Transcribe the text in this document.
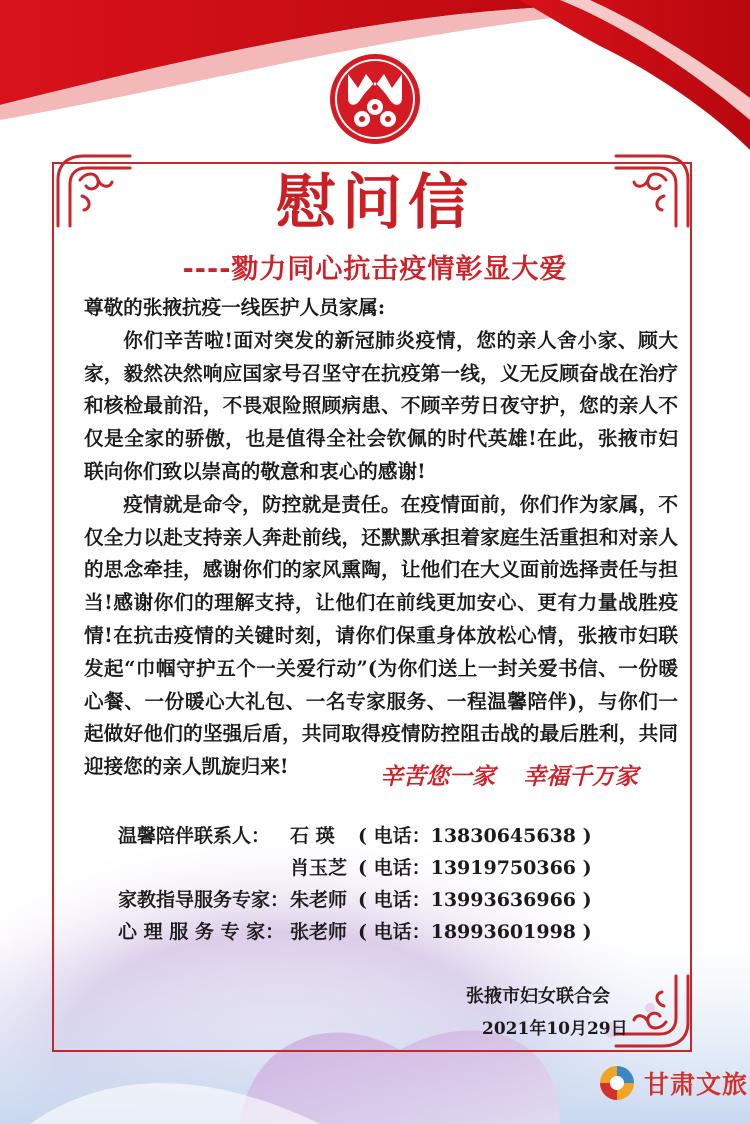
慰问信
----勠力同心抗击疫情彰显大爱

尊敬的张掖抗疫一线医护人员家属:

你们辛苦啦!面对突发的新冠肺炎疫情，您的亲人舍小家、顾大家，毅然决然响应国家号召坚守在抗疫第一线，义无反顾奋战在治疗和核检最前沿，不畏艰险照顾病患、不顾辛劳日夜守护，您的亲人不仅是全家的骄傲，也是值得全社会钦佩的时代英雄!在此，张掖市妇联向你们致以崇高的敬意和衷心的感谢!

疫情就是命令，防控就是责任。在疫情面前，你们作为家属，不仅全力以赴支持亲人奔赴前线，还默默承担着家庭生活重担和对亲人的思念牵挂，感谢你们的家风熏陶，让他们在大义面前选择责任与担当!感谢你们的理解支持，让他们在前线更加安心、更有力量战胜疫情!在抗击疫情的关键时刻，请你们保重身体放松心情，张掖市妇联发起“巾帼守护五个一关爱行动”(为你们送上一封关爱书信、一份暖心餐、一份暖心大礼包、一名专家服务、一程温馨陪伴)，与你们一起做好他们的坚强后盾，共同取得疫情防控阻击战的最后胜利，共同迎接您的亲人凯旋归来!	辛苦您一家 幸福千万家
温馨陪伴联系人： 石 瑛 ( 电话：13830645638 )
肖玉芝 ( 电话：13919750366 )
家教指导服务专家： 朱老师 ( 电话：13993636966 )
心 理 服 务 专 家： 张老师 ( 电话：18993601998 )
张掖市妇女联合会
2021年10月29日
甘肃文旅
